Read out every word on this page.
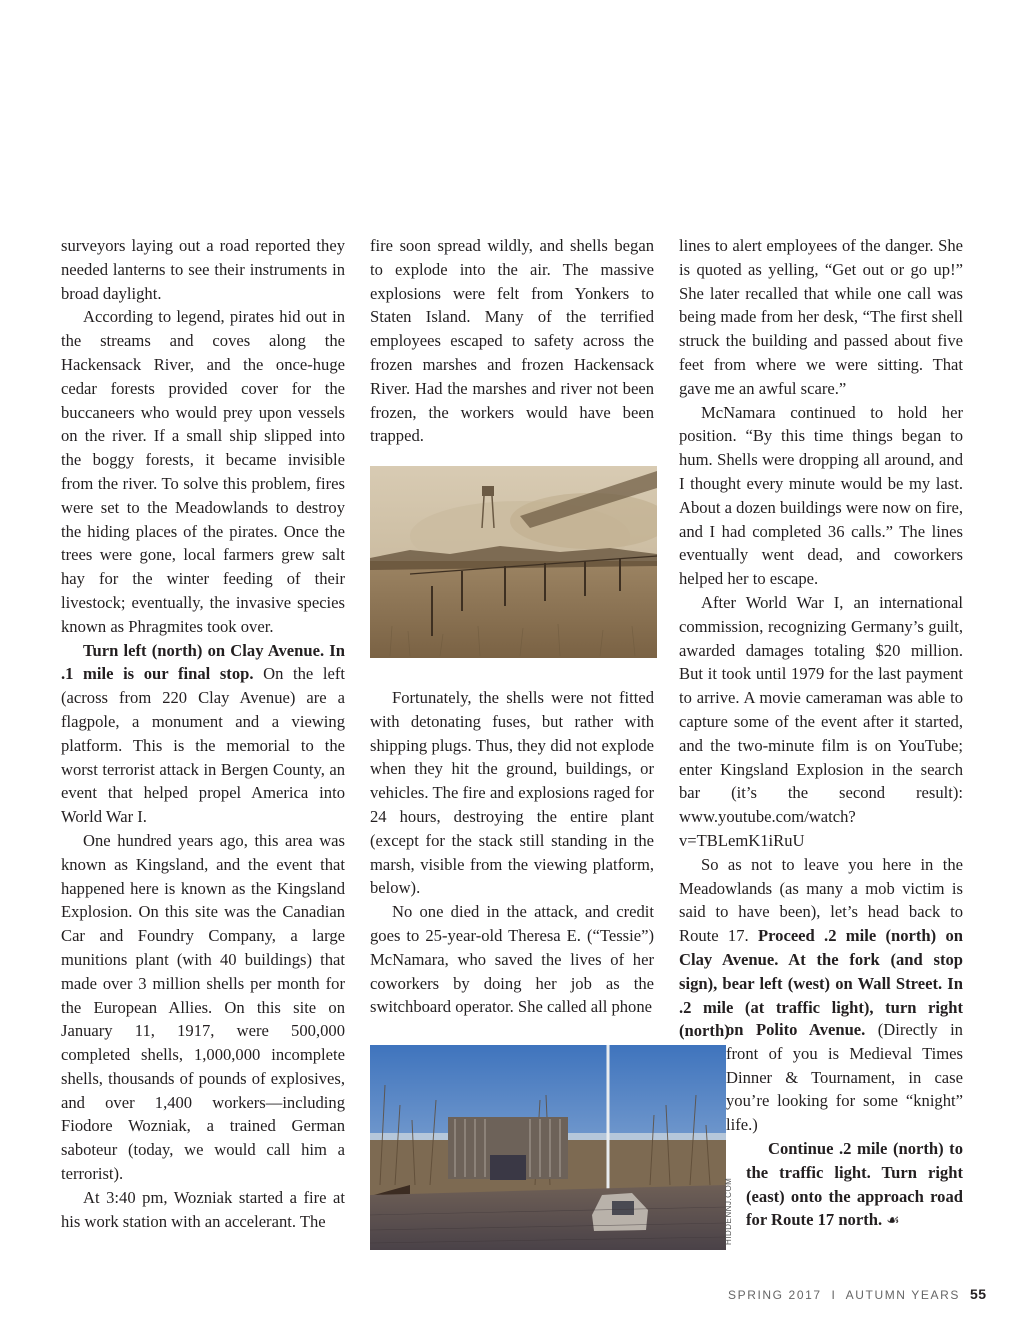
surveyors laying out a road reported they needed lanterns to see their instruments in broad daylight.

According to legend, pirates hid out in the streams and coves along the Hackensack River, and the once-huge cedar forests provided cover for the buccaneers who would prey upon vessels on the river. If a small ship slipped into the boggy forests, it became invisible from the river. To solve this problem, fires were set to the Meadowlands to destroy the hiding places of the pirates. Once the trees were gone, local farmers grew salt hay for the winter feeding of their livestock; eventually, the invasive species known as Phragmites took over.

Turn left (north) on Clay Avenue. In .1 mile is our final stop. On the left (across from 220 Clay Avenue) are a flagpole, a monument and a viewing platform. This is the memorial to the worst terrorist attack in Bergen County, an event that helped propel America into World War I.

One hundred years ago, this area was known as Kingsland, and the event that happened here is known as the Kingsland Explosion. On this site was the Canadian Car and Foundry Company, a large munitions plant (with 40 buildings) that made over 3 million shells per month for the European Allies. On this site on January 11, 1917, were 500,000 completed shells, 1,000,000 incomplete shells, thousands of pounds of explosives, and over 1,400 workers—including Fiodore Wozniak, a trained German saboteur (today, we would call him a terrorist).

At 3:40 pm, Wozniak started a fire at his work station with an accelerant. The

fire soon spread wildly, and shells began to explode into the air. The massive explosions were felt from Yonkers to Staten Island. Many of the terrified employees escaped to safety across the frozen marshes and frozen Hackensack River. Had the marshes and river not been frozen, the workers would have been trapped.

Fortunately, the shells were not fitted with detonating fuses, but rather with shipping plugs. Thus, they did not explode when they hit the ground, buildings, or vehicles. The fire and explosions raged for 24 hours, destroying the entire plant (except for the stack still standing in the marsh, visible from the viewing platform, below).

No one died in the attack, and credit goes to 25-year-old Theresa E. (“Tessie”) McNamara, who saved the lives of her coworkers by doing her job as the switchboard operator. She called all phone

lines to alert employees of the danger. She is quoted as yelling, “Get out or go up!” She later recalled that while one call was being made from her desk, “The first shell struck the building and passed about five feet from where we were sitting. That gave me an awful scare.”

McNamara continued to hold her position. “By this time things began to hum. Shells were dropping all around, and I thought every minute would be my last. About a dozen buildings were now on fire, and I had completed 36 calls.” The lines eventually went dead, and coworkers helped her to escape.

After World War I, an international commission, recognizing Germany’s guilt, awarded damages totaling $20 million. But it took until 1979 for the last payment to arrive. A movie cameraman was able to capture some of the event after it started, and the two-minute film is on YouTube; enter Kingsland Explosion in the search bar (it’s the second result): www.youtube.com/watch?v=TBLemK1iRuU

So as not to leave you here in the Meadowlands (as many a mob victim is said to have been), let’s head back to Route 17. Proceed .2 mile (north) on Clay Avenue. At the fork (and stop sign), bear left (west) on Wall Street. In .2 mile (at traffic light), turn right (north)

on Polito Avenue. (Directly in front of you is Medieval Times Dinner & Tournament, in case you’re looking for some “knight” life.)

Continue .2 mile (north) to the traffic light. Turn right (east) onto the approach road for Route 17 north. ☙

HIDDENNJ.COM
SPRING 2017  I  AUTUMN YEARS 55
